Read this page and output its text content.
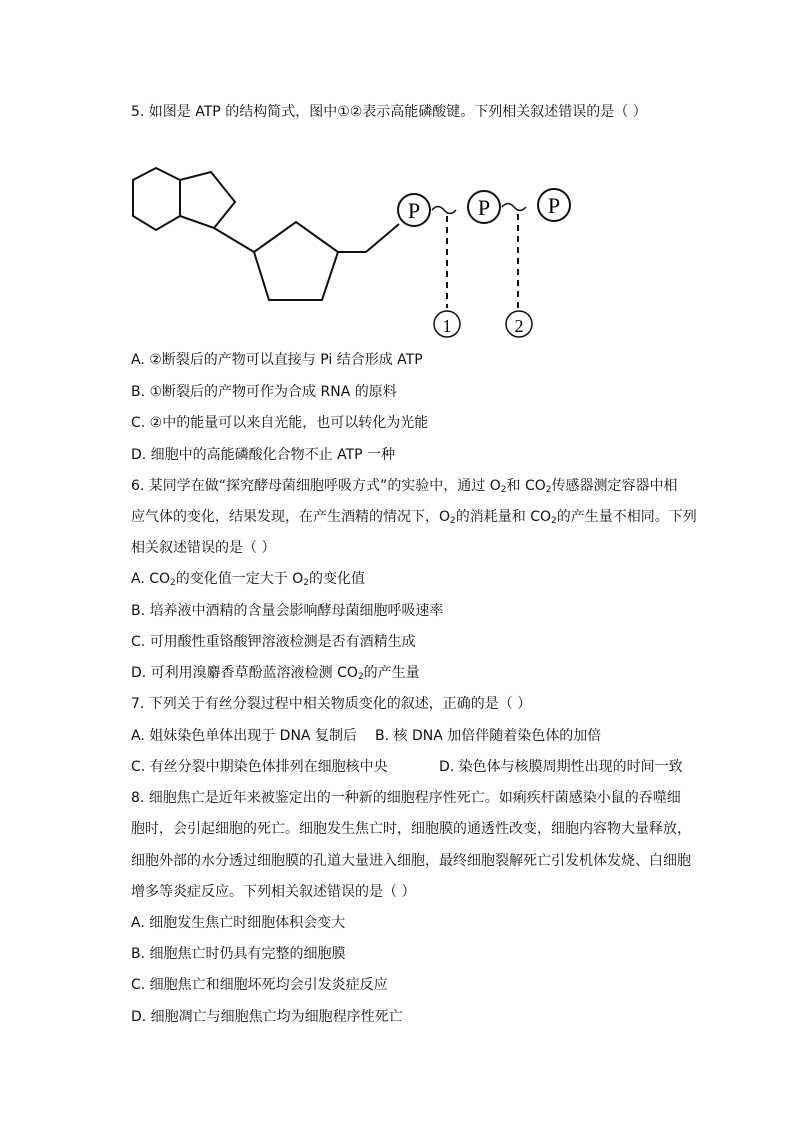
5. 如图是 ATP 的结构简式，图中①②表示高能磷酸键。下列相关叙述错误的是（ ）
P	P	P
1	2
A. ②断裂后的产物可以直接与 Pi 结合形成 ATP
B. ①断裂后的产物可作为合成 RNA 的原料
C. ②中的能量可以来自光能，也可以转化为光能
D. 细胞中的高能磷酸化合物不止 ATP 一种
6. 某同学在做“探究酵母菌细胞呼吸方式”的实验中，通过 $O_2$和 $CO_2$传感器测定容器中相
应气体的变化，结果发现，在产生酒精的情况下，$O_2$的消耗量和 $CO_2$的产生量不相同。下列
相关叙述错误的是（ ）
A. $CO_2$的变化值一定大于 $O_2$的变化值
B. 培养液中酒精的含量会影响酵母菌细胞呼吸速率
C. 可用酸性重铬酸钾溶液检测是否有酒精生成
D. 可利用溴麝香草酚蓝溶液检测 $CO_2$的产生量
7. 下列关于有丝分裂过程中相关物质变化的叙述，正确的是（ ）
A. 姐妹染色单体出现于 DNA 复制后 B. 核 DNA 加倍伴随着染色体的加倍
C. 有丝分裂中期染色体排列在细胞核中央	D. 染色体与核膜周期性出现的时间一致
8. 细胞焦亡是近年来被鉴定出的一种新的细胞程序性死亡。如痢疾杆菌感染小鼠的吞噬细
胞时，会引起细胞的死亡。细胞发生焦亡时，细胞膜的通透性改变，细胞内容物大量释放，
细胞外部的水分透过细胞膜的孔道大量进入细胞，最终细胞裂解死亡引发机体发烧、白细胞
增多等炎症反应。下列相关叙述错误的是（ ）
A. 细胞发生焦亡时细胞体积会变大
B. 细胞焦亡时仍具有完整的细胞膜
C. 细胞焦亡和细胞坏死均会引发炎症反应
D. 细胞凋亡与细胞焦亡均为细胞程序性死亡
